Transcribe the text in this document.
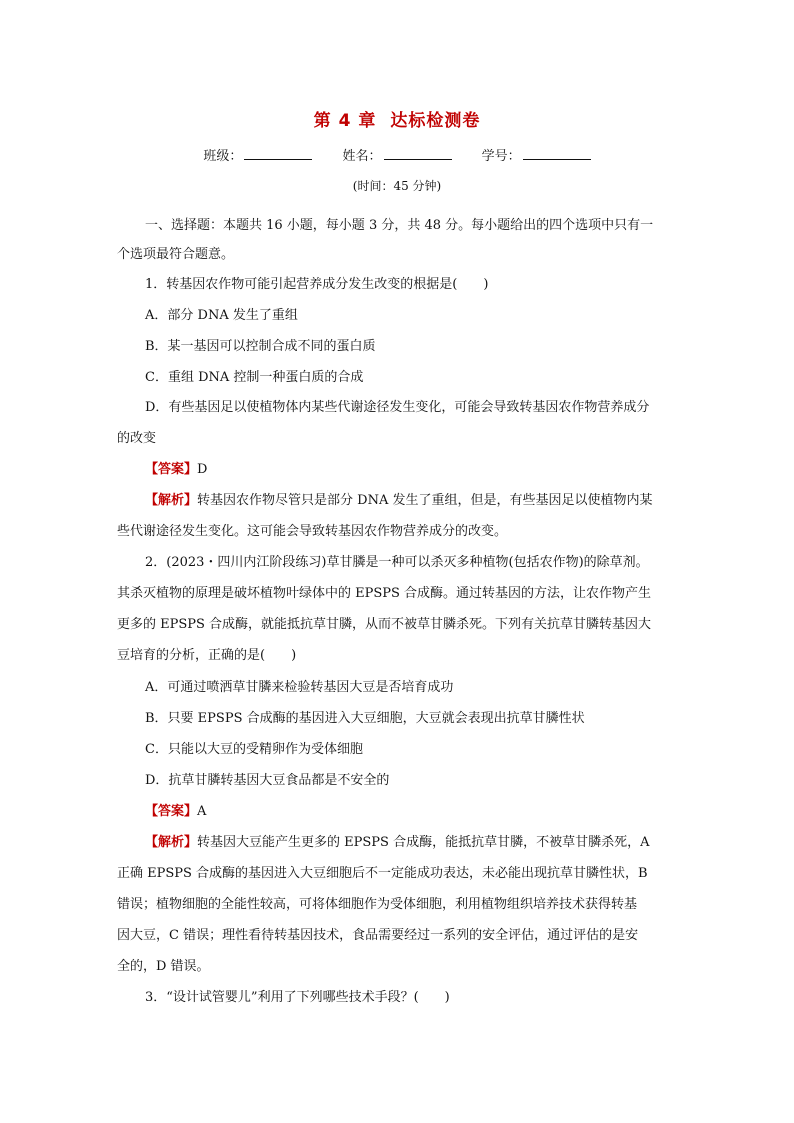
第 4 章 达标检测卷
班级：	姓名：	学号：
(时间：45 分钟)
一、选择题：本题共 16 小题，每小题 3 分，共 48 分。每小题给出的四个选项中只有一
个选项最符合题意。
1．转基因农作物可能引起营养成分发生改变的根据是(　　)
A．部分 DNA 发生了重组
B．某一基因可以控制合成不同的蛋白质
C．重组 DNA 控制一种蛋白质的合成
D．有些基因足以使植物体内某些代谢途径发生变化，可能会导致转基因农作物营养成分
的改变
【答案】D
【解析】转基因农作物尽管只是部分 DNA 发生了重组，但是，有些基因足以使植物内某
些代谢途径发生变化。这可能会导致转基因农作物营养成分的改变。
2．(2023・四川内江阶段练习)草甘膦是一种可以杀灭多种植物(包括农作物)的除草剂。
其杀灭植物的原理是破坏植物叶绿体中的 EPSPS 合成酶。通过转基因的方法，让农作物产生
更多的 EPSPS 合成酶，就能抵抗草甘膦，从而不被草甘膦杀死。下列有关抗草甘膦转基因大
豆培育的分析，正确的是(　　)
A．可通过喷洒草甘膦来检验转基因大豆是否培育成功
B．只要 EPSPS 合成酶的基因进入大豆细胞，大豆就会表现出抗草甘膦性状
C．只能以大豆的受精卵作为受体细胞
D．抗草甘膦转基因大豆食品都是不安全的
【答案】A
【解析】转基因大豆能产生更多的 EPSPS 合成酶，能抵抗草甘膦，不被草甘膦杀死，A
正确 EPSPS 合成酶的基因进入大豆细胞后不一定能成功表达，未必能出现抗草甘膦性状，B
错误；植物细胞的全能性较高，可将体细胞作为受体细胞，利用植物组织培养技术获得转基
因大豆，C 错误；理性看待转基因技术，食品需要经过一系列的安全评估，通过评估的是安
全的，D 错误。
3．“设计试管婴儿”利用了下列哪些技术手段？(　　)
